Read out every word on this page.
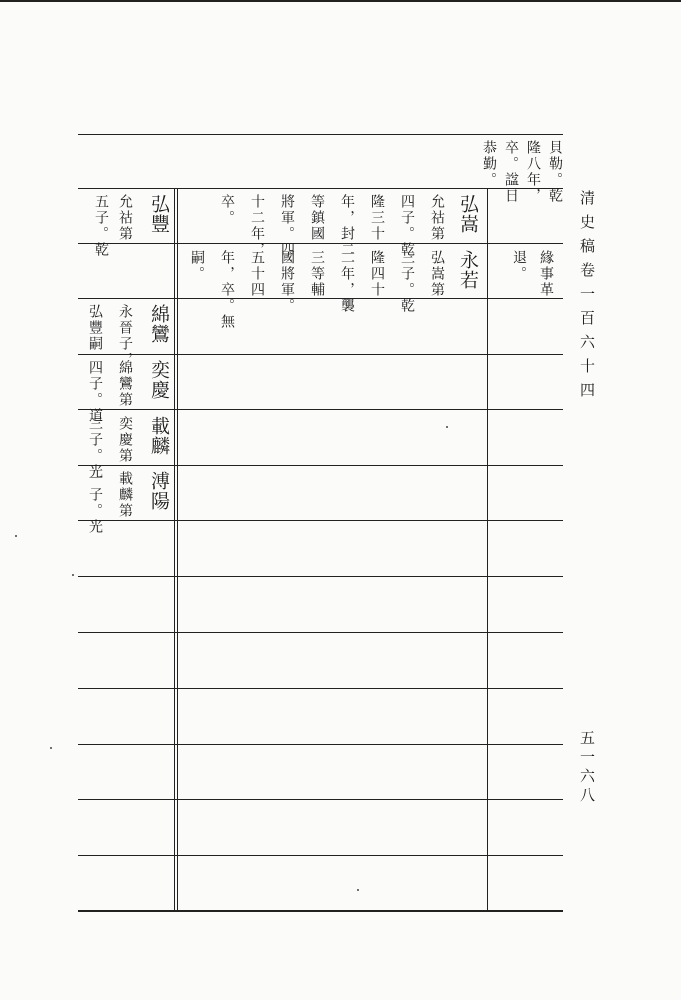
貝勒。乾
隆八年，
卒。諡日
恭勤。
弘豐
允祜第
五子。乾	弘嵩
允祜第
四子。乾
隆三十
年，封二
等鎮國
將軍。四
十二年，
卒。
永若
弘嵩第
三子。乾
隆四十
二年，襲
三等輔
國將軍。
五十四
年，卒。無
嗣。	緣事革
退。
綿鸞
永晉子，
弘豐嗣
奕慶
綿鸞第
四子。道
載麟
奕慶第
三子。光
溥陽
載麟第
一子。光
清史稿卷一百六十四
五一六八
